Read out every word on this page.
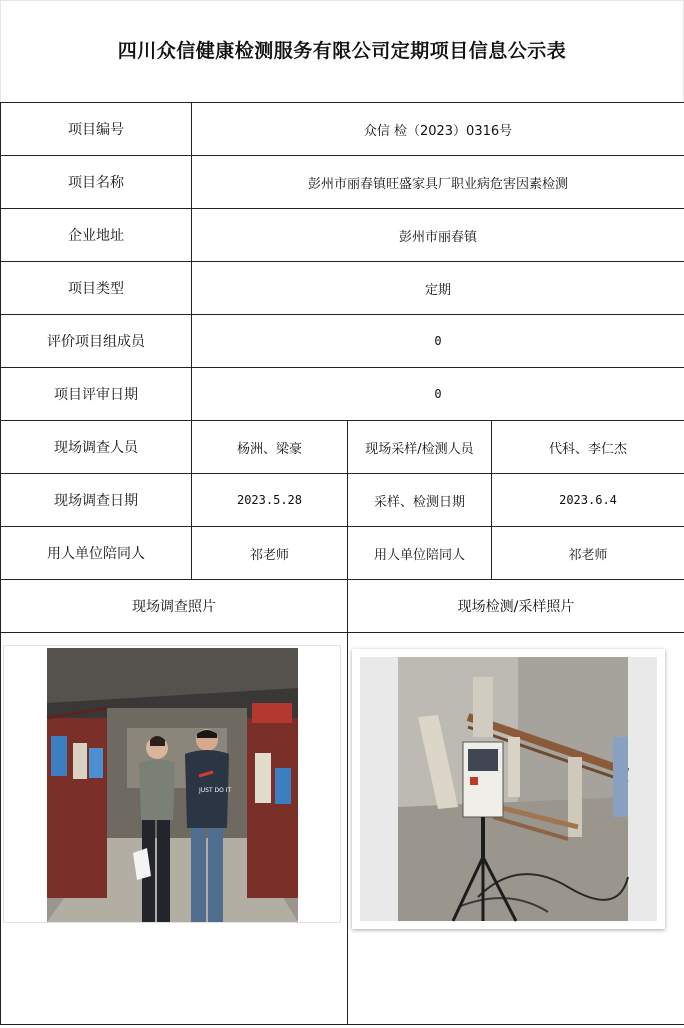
四川众信健康检测服务有限公司定期项目信息公示表
项目编号	众信 检（2023）0316号		
项目名称	彭州市丽春镇旺盛家具厂职业病危害因素检测		
企业地址	彭州市丽春镇		
项目类型	定期		
评价项目组成员	0		
项目评审日期	0		
现场调查人员	杨洲、梁豪	现场采样/检测人员	代科、李仁杰
现场调查日期	2023.5.28	采样、检测日期	2023.6.4
用人单位陪同人	祁老师	用人单位陪同人	祁老师
现场调查照片		现场检测/采样照片	

JUST DO IT
